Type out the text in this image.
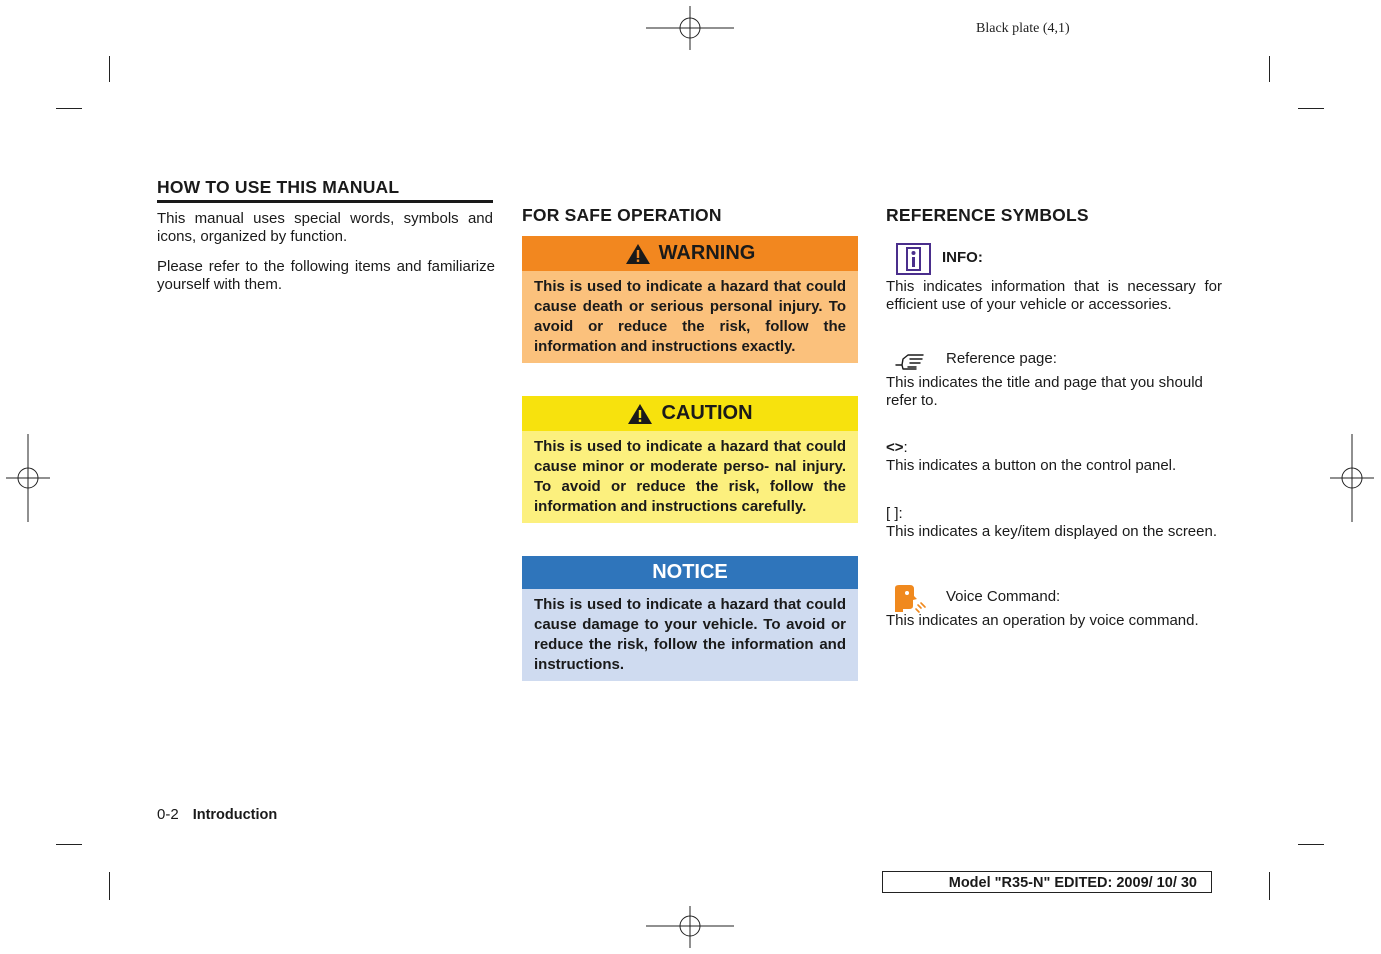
Black plate (4,1)
HOW TO USE THIS MANUAL
This manual uses special words, symbols and icons, organized by function.
Please refer to the following items and familiarize yourself with them.
FOR SAFE OPERATION
WARNING
This is used to indicate a hazard that could cause death or serious personal injury. To avoid or reduce the risk, follow the information and instructions exactly.
CAUTION
This is used to indicate a hazard that could cause minor or moderate perso- nal injury. To avoid or reduce the risk, follow the information and instructions carefully.
NOTICE
This is used to indicate a hazard that could cause damage to your vehicle. To avoid or reduce the risk, follow the information and instructions.
REFERENCE SYMBOLS
INFO:
This indicates information that is necessary for efficient use of your vehicle or accessories.
Reference page:
This indicates the title and page that you should refer to.
<>:
This indicates a button on the control panel.
[ ]:
This indicates a key/item displayed on the screen.
Voice Command:
This indicates an operation by voice command.
0-2 Introduction
Model "R35-N" EDITED: 2009/ 10/ 30
